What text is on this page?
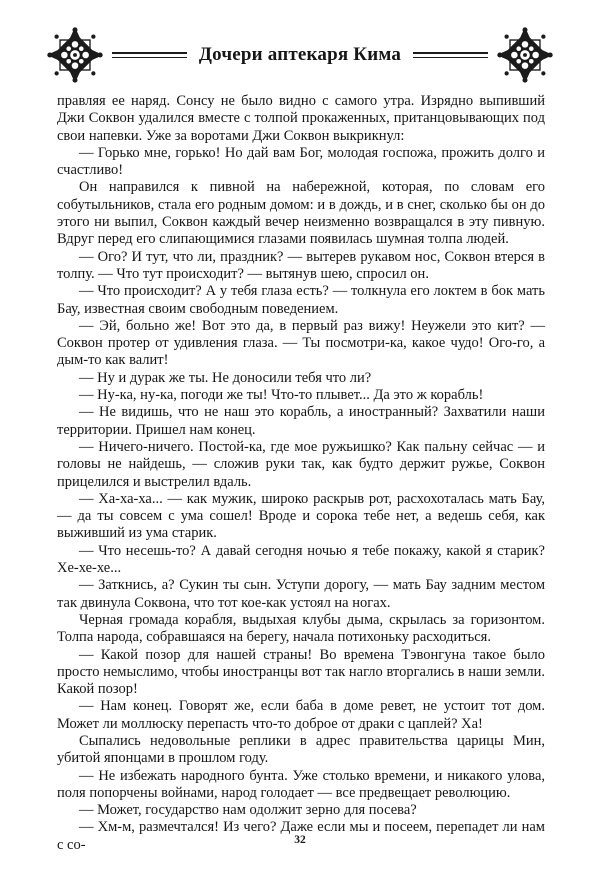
Дочери аптекаря Кима

правляя ее наряд. Сонсу не было видно с самого утра. Изрядно выпивший Джи Соквон удалился вместе с толпой прокаженных, пританцовывающих под свои напевки. Уже за воротами Джи Соквон выкрикнул:

— Горько мне, горько! Но дай вам Бог, молодая госпожа, прожить долго и счастливо!

Он направился к пивной на набережной, которая, по словам его собутыльников, стала его родным домом: и в дождь, и в снег, сколько бы он до этого ни выпил, Соквон каждый вечер неизменно возвращался в эту пивную. Вдруг перед его слипающимися глазами появилась шумная толпа людей.

— Ого? И тут, что ли, праздник? — вытерев рукавом нос, Соквон втерся в толпу. — Что тут происходит? — вытянув шею, спросил он.

— Что происходит? А у тебя глаза есть? — толкнула его локтем в бок мать Бау, известная своим свободным поведением.

— Эй, больно же! Вот это да, в первый раз вижу! Неужели это кит? — Соквон протер от удивления глаза. — Ты посмотри-ка, какое чудо! Ого-го, а дым-то как валит!

— Ну и дурак же ты. Не доносили тебя что ли?

— Ну-ка, ну-ка, погоди же ты! Что-то плывет... Да это ж корабль!

— Не видишь, что не наш это корабль, а иностранный? Захватили наши территории. Пришел нам конец.

— Ничего-ничего. Постой-ка, где мое ружьишко? Как пальну сейчас — и головы не найдешь, — сложив руки так, как будто держит ружье, Соквон прицелился и выстрелил вдаль.

— Ха-ха-ха... — как мужик, широко раскрыв рот, расхохоталась мать Бау, — да ты совсем с ума сошел! Вроде и сорока тебе нет, а ведешь себя, как выживший из ума старик.

— Что несешь-то? А давай сегодня ночью я тебе покажу, какой я старик? Хе-хе-хе...

— Заткнись, а? Сукин ты сын. Уступи дорогу, — мать Бау задним местом так двинула Соквона, что тот кое-как устоял на ногах.

Черная громада корабля, выдыхая клубы дыма, скрылась за горизонтом. Толпа народа, собравшаяся на берегу, начала потихоньку расходиться.

— Какой позор для нашей страны! Во времена Тэвонгуна такое было просто немыслимо, чтобы иностранцы вот так нагло вторгались в наши земли. Какой позор!

— Нам конец. Говорят же, если баба в доме ревет, не устоит тот дом. Может ли моллюску перепасть что-то доброе от драки с цаплей? Ха!

Сыпались недовольные реплики в адрес правительства царицы Мин, убитой японцами в прошлом году.

— Не избежать народного бунта. Уже столько времени, и никакого улова, поля попорчены войнами, народ голодает — все предвещает революцию.

— Может, государство нам одолжит зерно для посева?

— Хм-м, размечтался! Из чего? Даже если мы и посеем, перепадет ли нам с со-	32
